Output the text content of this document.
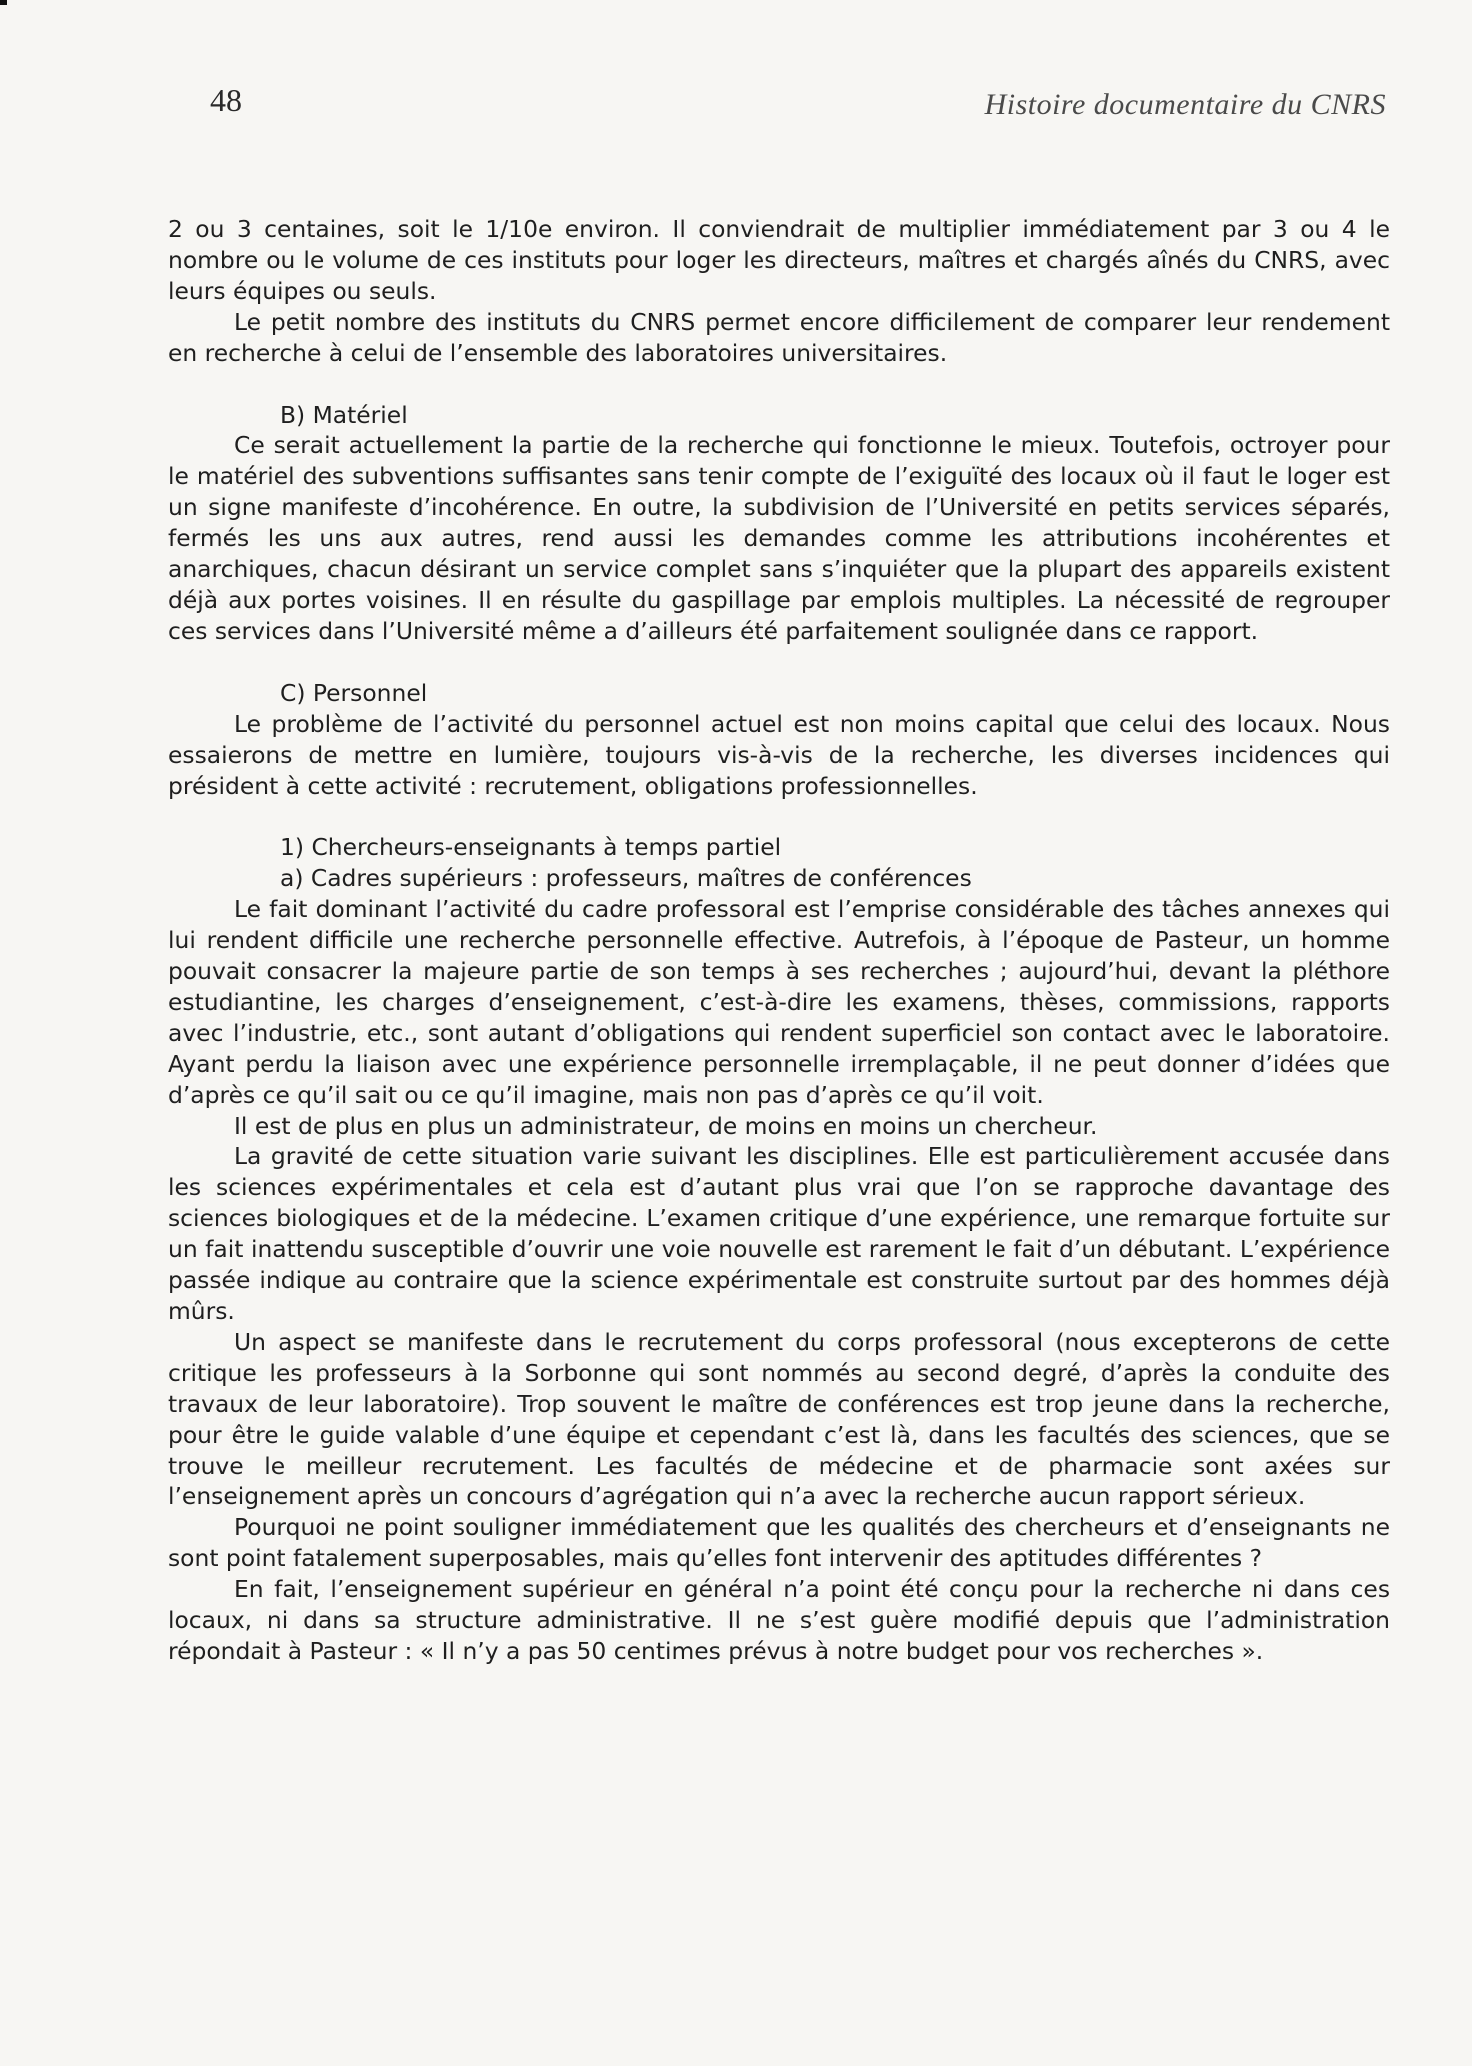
48	Histoire documentaire du CNRS

2 ou 3 centaines, soit le 1/10e environ. Il conviendrait de multiplier immédiatement par 3 ou 4 le nombre ou le volume de ces instituts pour loger les directeurs, maîtres et chargés aînés du CNRS, avec leurs équipes ou seuls.

Le petit nombre des instituts du CNRS permet encore difficilement de comparer leur rendement en recherche à celui de l’ensemble des laboratoires universitaires.

B) Matériel

Ce serait actuellement la partie de la recherche qui fonctionne le mieux. Toutefois, octroyer pour le matériel des subventions suffisantes sans tenir compte de l’exiguïté des locaux où il faut le loger est un signe manifeste d’incohérence. En outre, la subdivision de l’Université en petits services séparés, fermés les uns aux autres, rend aussi les demandes comme les attributions incohérentes et anarchiques, chacun désirant un service complet sans s’inquiéter que la plupart des appareils existent déjà aux portes voisines. Il en résulte du gaspillage par emplois multiples. La nécessité de regrouper ces services dans l’Université même a d’ailleurs été parfaitement soulignée dans ce rapport.

C) Personnel

Le problème de l’activité du personnel actuel est non moins capital que celui des locaux. Nous essaierons de mettre en lumière, toujours vis-à-vis de la recherche, les diverses incidences qui président à cette activité : recrutement, obligations professionnelles.

1) Chercheurs-enseignants à temps partiel

a) Cadres supérieurs : professeurs, maîtres de conférences

Le fait dominant l’activité du cadre professoral est l’emprise considérable des tâches annexes qui lui rendent difficile une recherche personnelle effective. Autrefois, à l’époque de Pasteur, un homme pouvait consacrer la majeure partie de son temps à ses recherches ; aujourd’hui, devant la pléthore estudiantine, les charges d’enseignement, c’est-à-dire les examens, thèses, commissions, rapports avec l’industrie, etc., sont autant d’obligations qui rendent superficiel son contact avec le laboratoire. Ayant perdu la liaison avec une expérience personnelle irremplaçable, il ne peut donner d’idées que d’après ce qu’il sait ou ce qu’il imagine, mais non pas d’après ce qu’il voit.

Il est de plus en plus un administrateur, de moins en moins un chercheur.

La gravité de cette situation varie suivant les disciplines. Elle est particulièrement accusée dans les sciences expérimentales et cela est d’autant plus vrai que l’on se rapproche davantage des sciences biologiques et de la médecine. L’examen critique d’une expérience, une remarque fortuite sur un fait inattendu susceptible d’ouvrir une voie nouvelle est rarement le fait d’un débutant. L’expérience passée indique au contraire que la science expérimentale est construite surtout par des hommes déjà mûrs.

Un aspect se manifeste dans le recrutement du corps professoral (nous excepterons de cette critique les professeurs à la Sorbonne qui sont nommés au second degré, d’après la conduite des travaux de leur laboratoire). Trop souvent le maître de conférences est trop jeune dans la recherche, pour être le guide valable d’une équipe et cependant c’est là, dans les facultés des sciences, que se trouve le meilleur recrutement. Les facultés de médecine et de pharmacie sont axées sur l’enseignement après un concours d’agrégation qui n’a avec la recherche aucun rapport sérieux.

Pourquoi ne point souligner immédiatement que les qualités des chercheurs et d’enseignants ne sont point fatalement superposables, mais qu’elles font intervenir des aptitudes différentes ?

En fait, l’enseignement supérieur en général n’a point été conçu pour la recherche ni dans ces locaux, ni dans sa structure administrative. Il ne s’est guère modifié depuis que l’administration répondait à Pasteur : « Il n’y a pas 50 centimes prévus à notre budget pour vos recherches ».
